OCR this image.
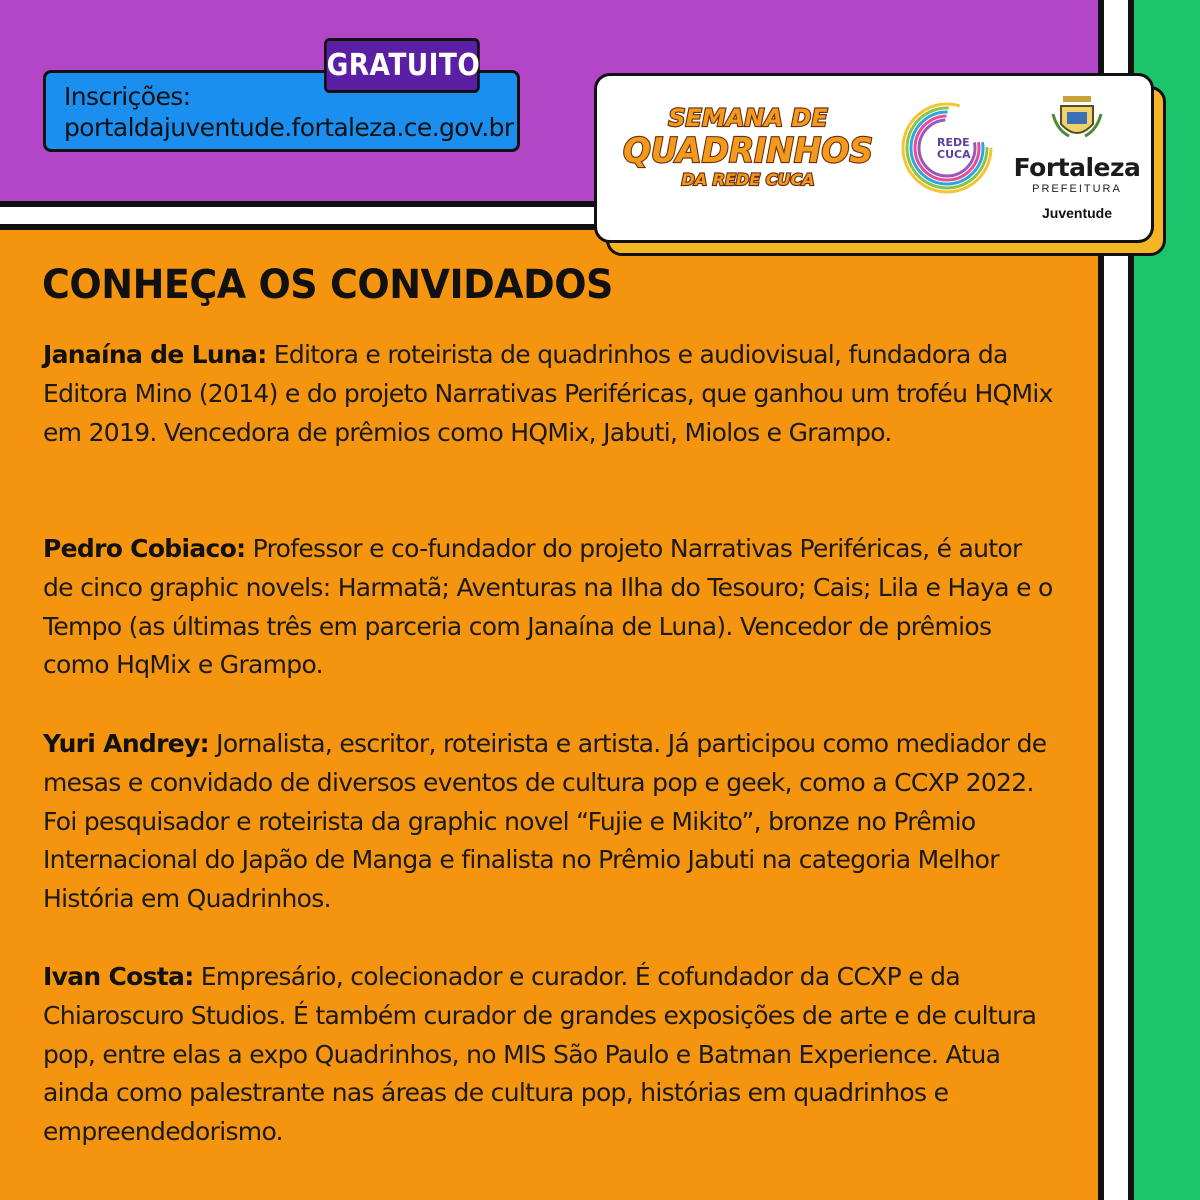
Inscrições:
portaldajuventude.fortaleza.ce.gov.br
GRATUITO
SEMANA DE
QUADRINHOS
DA REDE CUCA
REDE
CUCA Fortaleza
PREFEITURA
Juventude
CONHEÇA OS CONVIDADOS

Janaína de Luna: Editora e roteirista de quadrinhos e audiovisual, fundadora da Editora Mino (2014) e do projeto Narrativas Periféricas, que ganhou um troféu HQMix em 2019. Vencedora de prêmios como HQMix, Jabuti, Miolos e Grampo.

Pedro Cobiaco: Professor e co-fundador do projeto Narrativas Periféricas, é autor de cinco graphic novels: Harmatã; Aventuras na Ilha do Tesouro; Cais; Lila e Haya e o Tempo (as últimas três em parceria com Janaína de Luna). Vencedor de prêmios como HqMix e Grampo.

Yuri Andrey: Jornalista, escritor, roteirista e artista. Já participou como mediador de mesas e convidado de diversos eventos de cultura pop e geek, como a CCXP 2022. Foi pesquisador e roteirista da graphic novel “Fujie e Mikito”, bronze no Prêmio Internacional do Japão de Manga e finalista no Prêmio Jabuti na categoria Melhor História em Quadrinhos.

Ivan Costa: Empresário, colecionador e curador. É cofundador da CCXP e da Chiaroscuro Studios. É também curador de grandes exposições de arte e de cultura pop, entre elas a expo Quadrinhos, no MIS São Paulo e Batman Experience. Atua ainda como palestrante nas áreas de cultura pop, histórias em quadrinhos e empreendedorismo.
